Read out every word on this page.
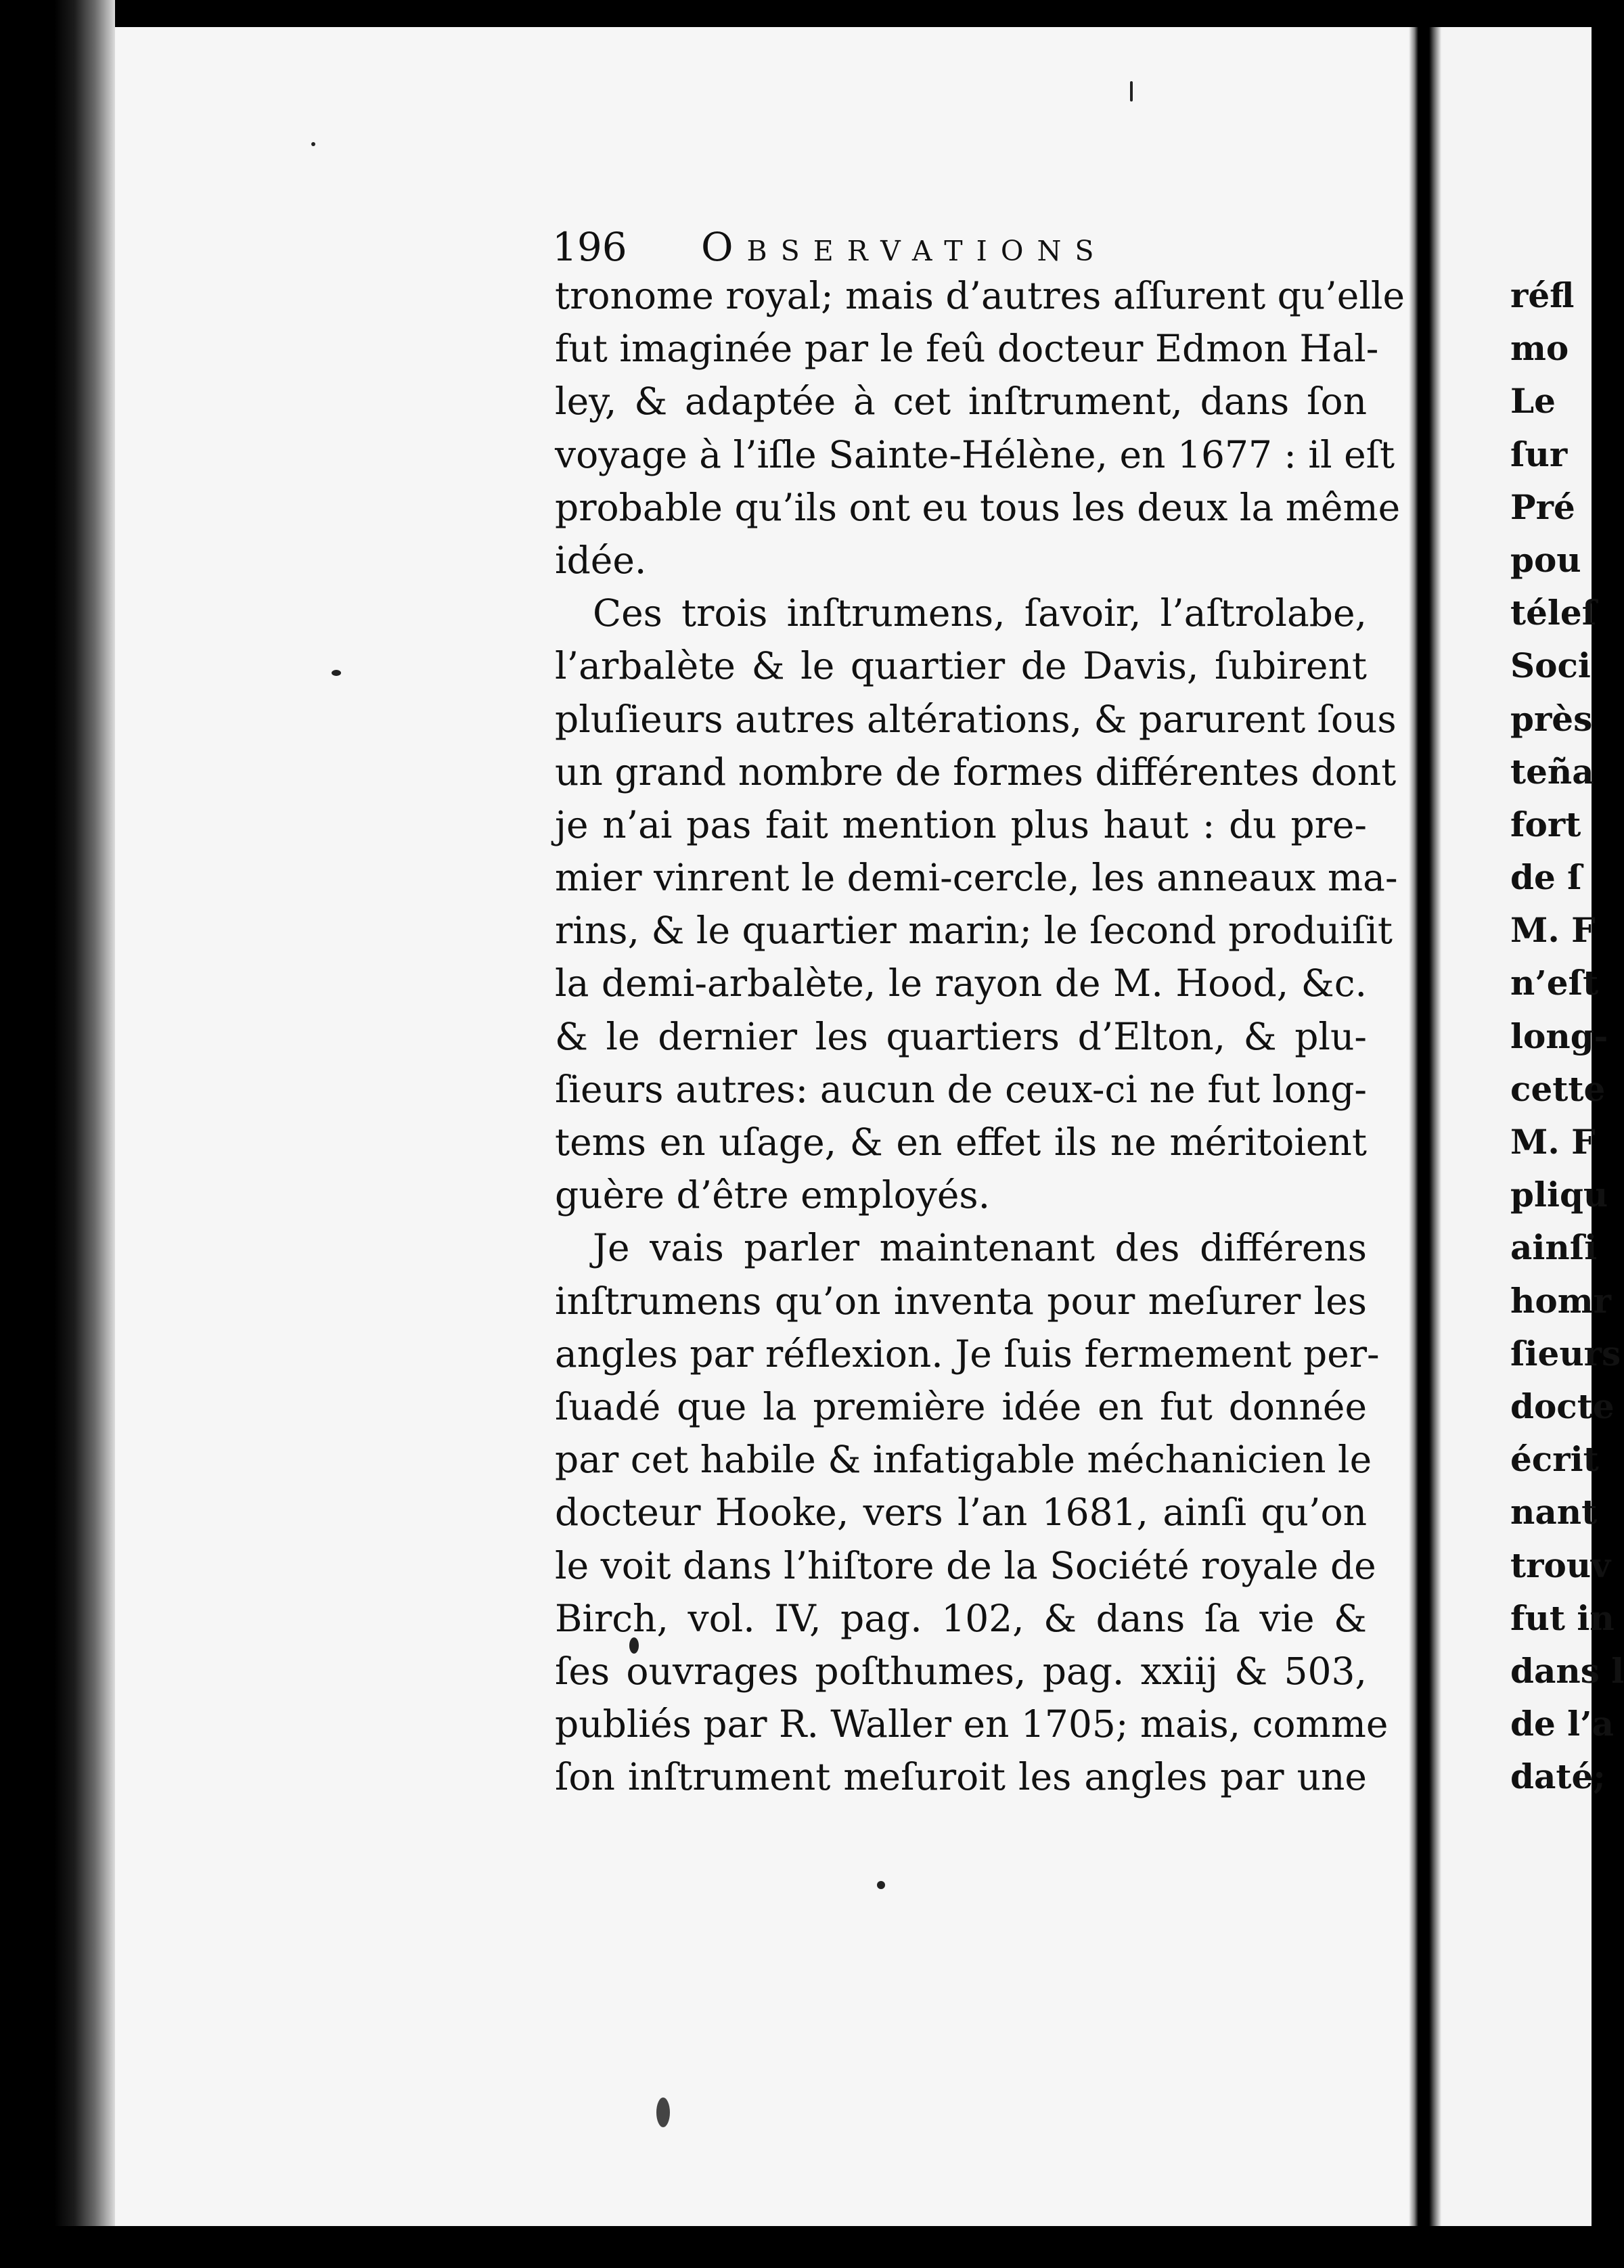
196 Observations
tronome royal; mais d’autres aſſurent qu’elle
fut imaginée par le feû docteur Edmon Hal-
ley, & adaptée à cet inſtrument, dans ſon
voyage à l’iſle Sainte-Hélène, en 1677 : il eſt
probable qu’ils ont eu tous les deux la même
idée.
Ces trois inſtrumens, ſavoir, l’aſtrolabe,
l’arbalète & le quartier de Davis, ſubirent
pluſieurs autres altérations, & parurent ſous
un grand nombre de formes différentes dont
je n’ai pas fait mention plus haut : du pre-
mier vinrent le demi-cercle, les anneaux ma-
rins, & le quartier marin; le ſecond produiſit
la demi-arbalète, le rayon de M. Hood, &c.
& le dernier les quartiers d’Elton, & plu-
ſieurs autres: aucun de ceux-ci ne fut long-
tems en uſage, & en effet ils ne méritoient
guère d’être employés.
Je vais parler maintenant des différens
inſtrumens qu’on inventa pour meſurer les
angles par réflexion. Je ſuis fermement per-
ſuadé que la première idée en fut donnée
par cet habile & infatigable méchanicien le
docteur Hooke, vers l’an 1681, ainſi qu’on
le voit dans l’hiſtore de la Société royale de
Birch, vol. IV, pag. 102, & dans ſa vie &
ſes ouvrages poſthumes, pag. xxiij & 503,
publiés par R. Waller en 1705; mais, comme
ſon inſtrument meſuroit les angles par une
réfl
mo
Le
ſur
Pré
pou
téleſ
Soci
près
teña
fort
de ſ
M. F
n’eſt
long-
cette
M. F
pliqu
ainſi
homr
ſieurs
docte
écrit
nant
trouv
fut in
dans l
de l’a
daté;
